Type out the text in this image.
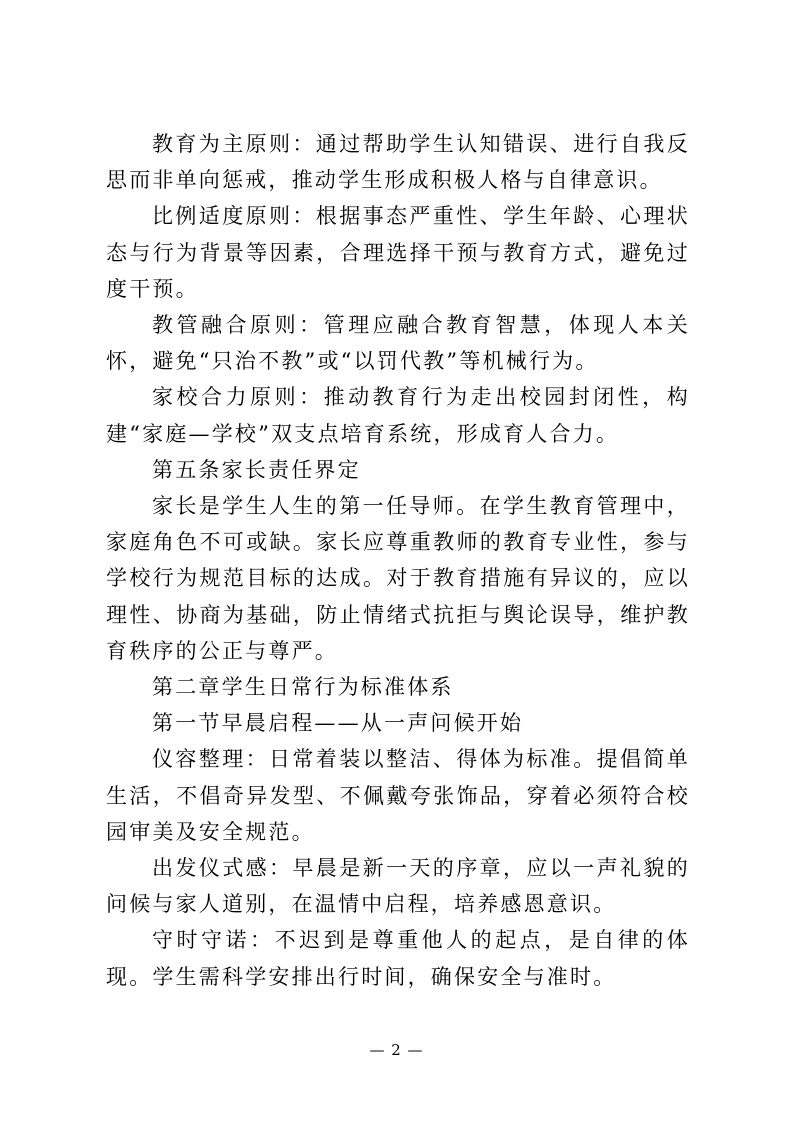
教育为主原则：通过帮助学生认知错误、进行自我反思而非单向惩戒，推动学生形成积极人格与自律意识。

比例适度原则：根据事态严重性、学生年龄、心理状态与行为背景等因素，合理选择干预与教育方式，避免过度干预。

教管融合原则：管理应融合教育智慧，体现人本关怀，避免“只治不教”或“以罚代教”等机械行为。

家校合力原则：推动教育行为走出校园封闭性，构建“家庭—学校”双支点培育系统，形成育人合力。

第五条家长责任界定

家长是学生人生的第一任导师。在学生教育管理中，家庭角色不可或缺。家长应尊重教师的教育专业性，参与学校行为规范目标的达成。对于教育措施有异议的，应以理性、协商为基础，防止情绪式抗拒与舆论误导，维护教育秩序的公正与尊严。

第二章学生日常行为标准体系

第一节早晨启程——从一声问候开始

仪容整理：日常着装以整洁、得体为标准。提倡简单生活，不倡奇异发型、不佩戴夸张饰品，穿着必须符合校园审美及安全规范。

出发仪式感：早晨是新一天的序章，应以一声礼貌的问候与家人道别，在温情中启程，培养感恩意识。

守时守诺：不迟到是尊重他人的起点，是自律的体现。学生需科学安排出行时间，确保安全与准时。

— 2 —
